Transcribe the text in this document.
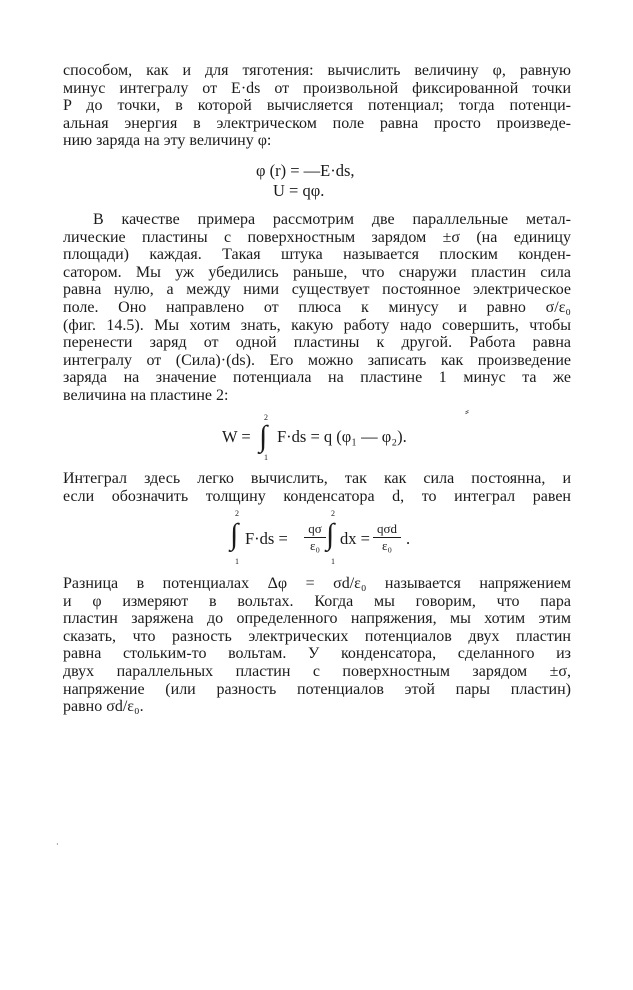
способом, как и для тяготения: вычислить величину φ, равную
минус интегралу от E·ds от произвольной фиксированной точки
P до точки, в которой вычисляется потенциал; тогда потенци-
альная энергия в электрическом поле равна просто произведе-
нию заряда на эту величину φ:
φ (r) = —E·ds,
U = qφ.
В качестве примера рассмотрим две параллельные метал-
лические пластины с поверхностным зарядом ±σ (на единицу
площади) каждая. Такая штука называется плоским конден-
сатором. Мы уж убедились раньше, что снаружи пластин сила
равна нулю, а между ними существует постоянное электрическое
поле. Оно направлено от плюса к минусу и равно σ/ε₀
(фиг. 14.5). Мы хотим знать, какую работу надо совершить, чтобы
перенести заряд от одной пластины к другой. Работа равна
интегралу от (Сила)·(ds). Его можно записать как произведение
заряда на значение потенциала на пластине 1 минус та же
величина на пластине 2:
⸗
W =
2
∫
1
F·ds = q (φ₁ — φ₂).
Интеграл здесь легко вычислить, так как сила постоянна, и
если обозначить толщину конденсатора d, то интеграл равен
2
∫
1
F·ds =
qσ
ε₀
2
∫
1
dx =
qσd
ε₀ .
Разница в потенциалах Δφ = σd/ε₀ называется напряжением
и φ измеряют в вольтах. Когда мы говорим, что пара
пластин заряжена до определенного напряжения, мы хотим этим
сказать, что разность электрических потенциалов двух пластин
равна стольким-то вольтам. У конденсатора, сделанного из
двух параллельных пластин с поверхностным зарядом ±σ,
напряжение (или разность потенциалов этой пары пластин)
равно σd/ε₀.
·
